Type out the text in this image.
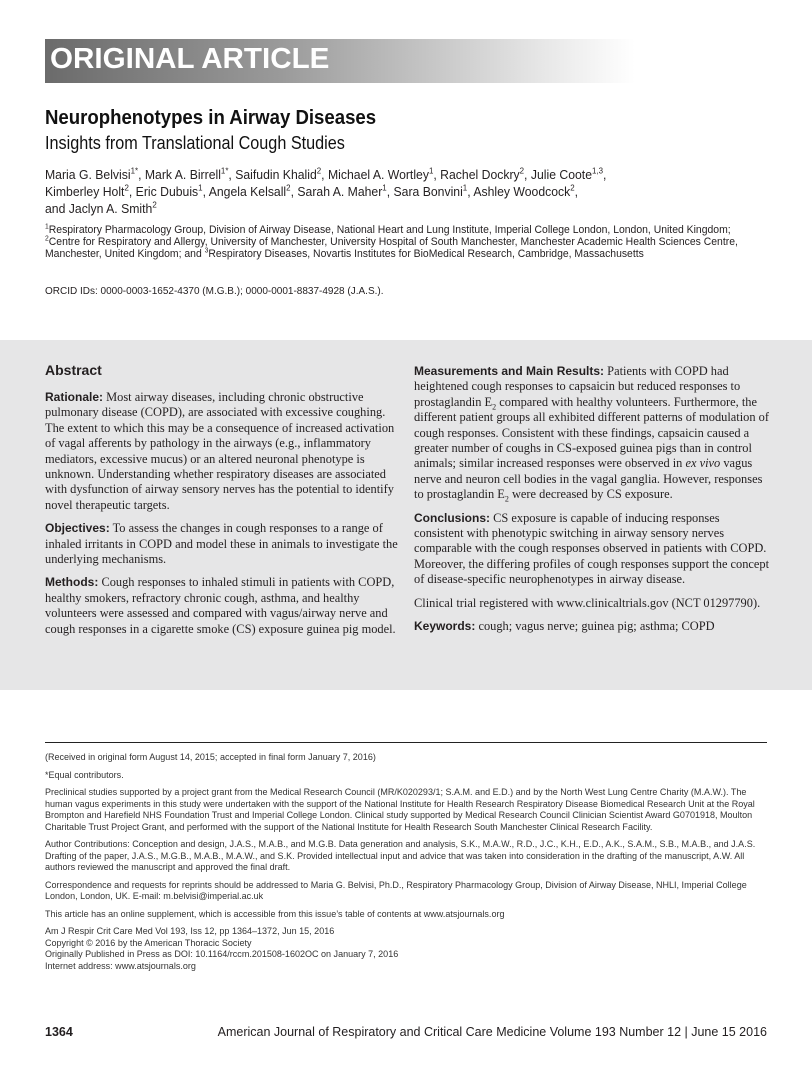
ORIGINAL ARTICLE
Neurophenotypes in Airway Diseases
Insights from Translational Cough Studies
Maria G. Belvisi$^{1*}$, Mark A. Birrell$^{1*}$, Saifudin Khalid$^2$, Michael A. Wortley$^1$, Rachel Dockry$^2$, Julie Coote$^{1,3}$,
Kimberley Holt$^2$, Eric Dubuis$^1$, Angela Kelsall$^2$, Sarah A. Maher$^1$, Sara Bonvini$^1$, Ashley Woodcock$^2$,
and Jaclyn A. Smith$^2$
$^1$Respiratory Pharmacology Group, Division of Airway Disease, National Heart and Lung Institute, Imperial College London, London, United Kingdom; $^2$Centre for Respiratory and Allergy, University of Manchester, University Hospital of South Manchester, Manchester Academic Health Sciences Centre, Manchester, United Kingdom; and $^3$Respiratory Diseases, Novartis Institutes for BioMedical Research, Cambridge, Massachusetts
ORCID IDs: 0000-0003-1652-4370 (M.G.B.); 0000-0001-8837-4928 (J.A.S.).
Abstract

Rationale: Most airway diseases, including chronic obstructive pulmonary disease (COPD), are associated with excessive coughing. The extent to which this may be a consequence of increased activation of vagal afferents by pathology in the airways (e.g., inflammatory mediators, excessive mucus) or an altered neuronal phenotype is unknown. Understanding whether respiratory diseases are associated with dysfunction of airway sensory nerves has the potential to identify novel therapeutic targets.

Objectives: To assess the changes in cough responses to a range of inhaled irritants in COPD and model these in animals to investigate the underlying mechanisms.

Methods: Cough responses to inhaled stimuli in patients with COPD, healthy smokers, refractory chronic cough, asthma, and healthy volunteers were assessed and compared with vagus/airway nerve and cough responses in a cigarette smoke (CS) exposure guinea pig model.

Measurements and Main Results: Patients with COPD had heightened cough responses to capsaicin but reduced responses to prostaglandin $E_2$ compared with healthy volunteers. Furthermore, the different patient groups all exhibited different patterns of modulation of cough responses. Consistent with these findings, capsaicin caused a greater number of coughs in CS-exposed guinea pigs than in control animals; similar increased responses were observed in ex vivo vagus nerve and neuron cell bodies in the vagal ganglia. However, responses to prostaglandin $E_2$ were decreased by CS exposure.

Conclusions: CS exposure is capable of inducing responses consistent with phenotypic switching in airway sensory nerves comparable with the cough responses observed in patients with COPD. Moreover, the differing profiles of cough responses support the concept of disease-specific neurophenotypes in airway disease.

Clinical trial registered with www.clinicaltrials.gov (NCT 01297790).

Keywords: cough; vagus nerve; guinea pig; asthma; COPD

(Received in original form August 14, 2015; accepted in final form January 7, 2016)

*Equal contributors.

Preclinical studies supported by a project grant from the Medical Research Council (MR/K020293/1; S.A.M. and E.D.) and by the North West Lung Centre Charity (M.A.W.). The human vagus experiments in this study were undertaken with the support of the National Institute for Health Research Respiratory Disease Biomedical Research Unit at the Royal Brompton and Harefield NHS Foundation Trust and Imperial College London. Clinical study supported by Medical Research Council Clinician Scientist Award G0701918, Moulton Charitable Trust Project Grant, and performed with the support of the National Institute for Health Research South Manchester Clinical Research Facility.

Author Contributions: Conception and design, J.A.S., M.A.B., and M.G.B. Data generation and analysis, S.K., M.A.W., R.D., J.C., K.H., E.D., A.K., S.A.M., S.B., M.A.B., and J.A.S. Drafting of the paper, J.A.S., M.G.B., M.A.B., M.A.W., and S.K. Provided intellectual input and advice that was taken into consideration in the drafting of the manuscript, A.W. All authors reviewed the manuscript and approved the final draft.

Correspondence and requests for reprints should be addressed to Maria G. Belvisi, Ph.D., Respiratory Pharmacology Group, Division of Airway Disease, NHLI, Imperial College London, London, UK. E-mail: m.belvisi@imperial.ac.uk

This article has an online supplement, which is accessible from this issue’s table of contents at www.atsjournals.org

Am J Respir Crit Care Med Vol 193, Iss 12, pp 1364–1372, Jun 15, 2016

Copyright © 2016 by the American Thoracic Society

Originally Published in Press as DOI: 10.1164/rccm.201508-1602OC on January 7, 2016

Internet address: www.atsjournals.org

1364	American Journal of Respiratory and Critical Care Medicine Volume 193 Number 12 | June 15 2016
